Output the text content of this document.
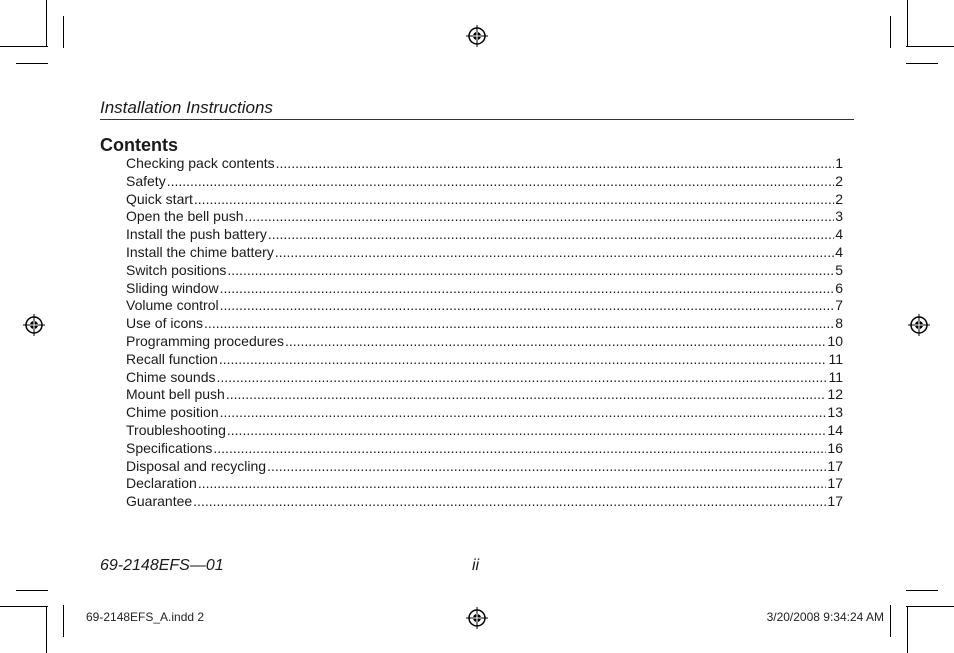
Installation Instructions
Contents
Checking pack contents .....	1
Safety .....	2
Quick start .....	2
Open the bell push .....	3
Install the push battery .....	4
Install the chime battery .....	4
Switch positions .....	5
Sliding window .....	6
Volume control .....	7
Use of icons .....	8
Programming procedures .....	10
Recall function .....	11
Chime sounds .....	11
Mount bell push .....	12
Chime position .....	13
Troubleshooting .....	14
Specifications .....	16
Disposal and recycling .....	17
Declaration .....	17
Guarantee .....	17
69-2148EFS—01	ii
69-2148EFS_A.indd 2	3/20/2008 9:34:24 AM
